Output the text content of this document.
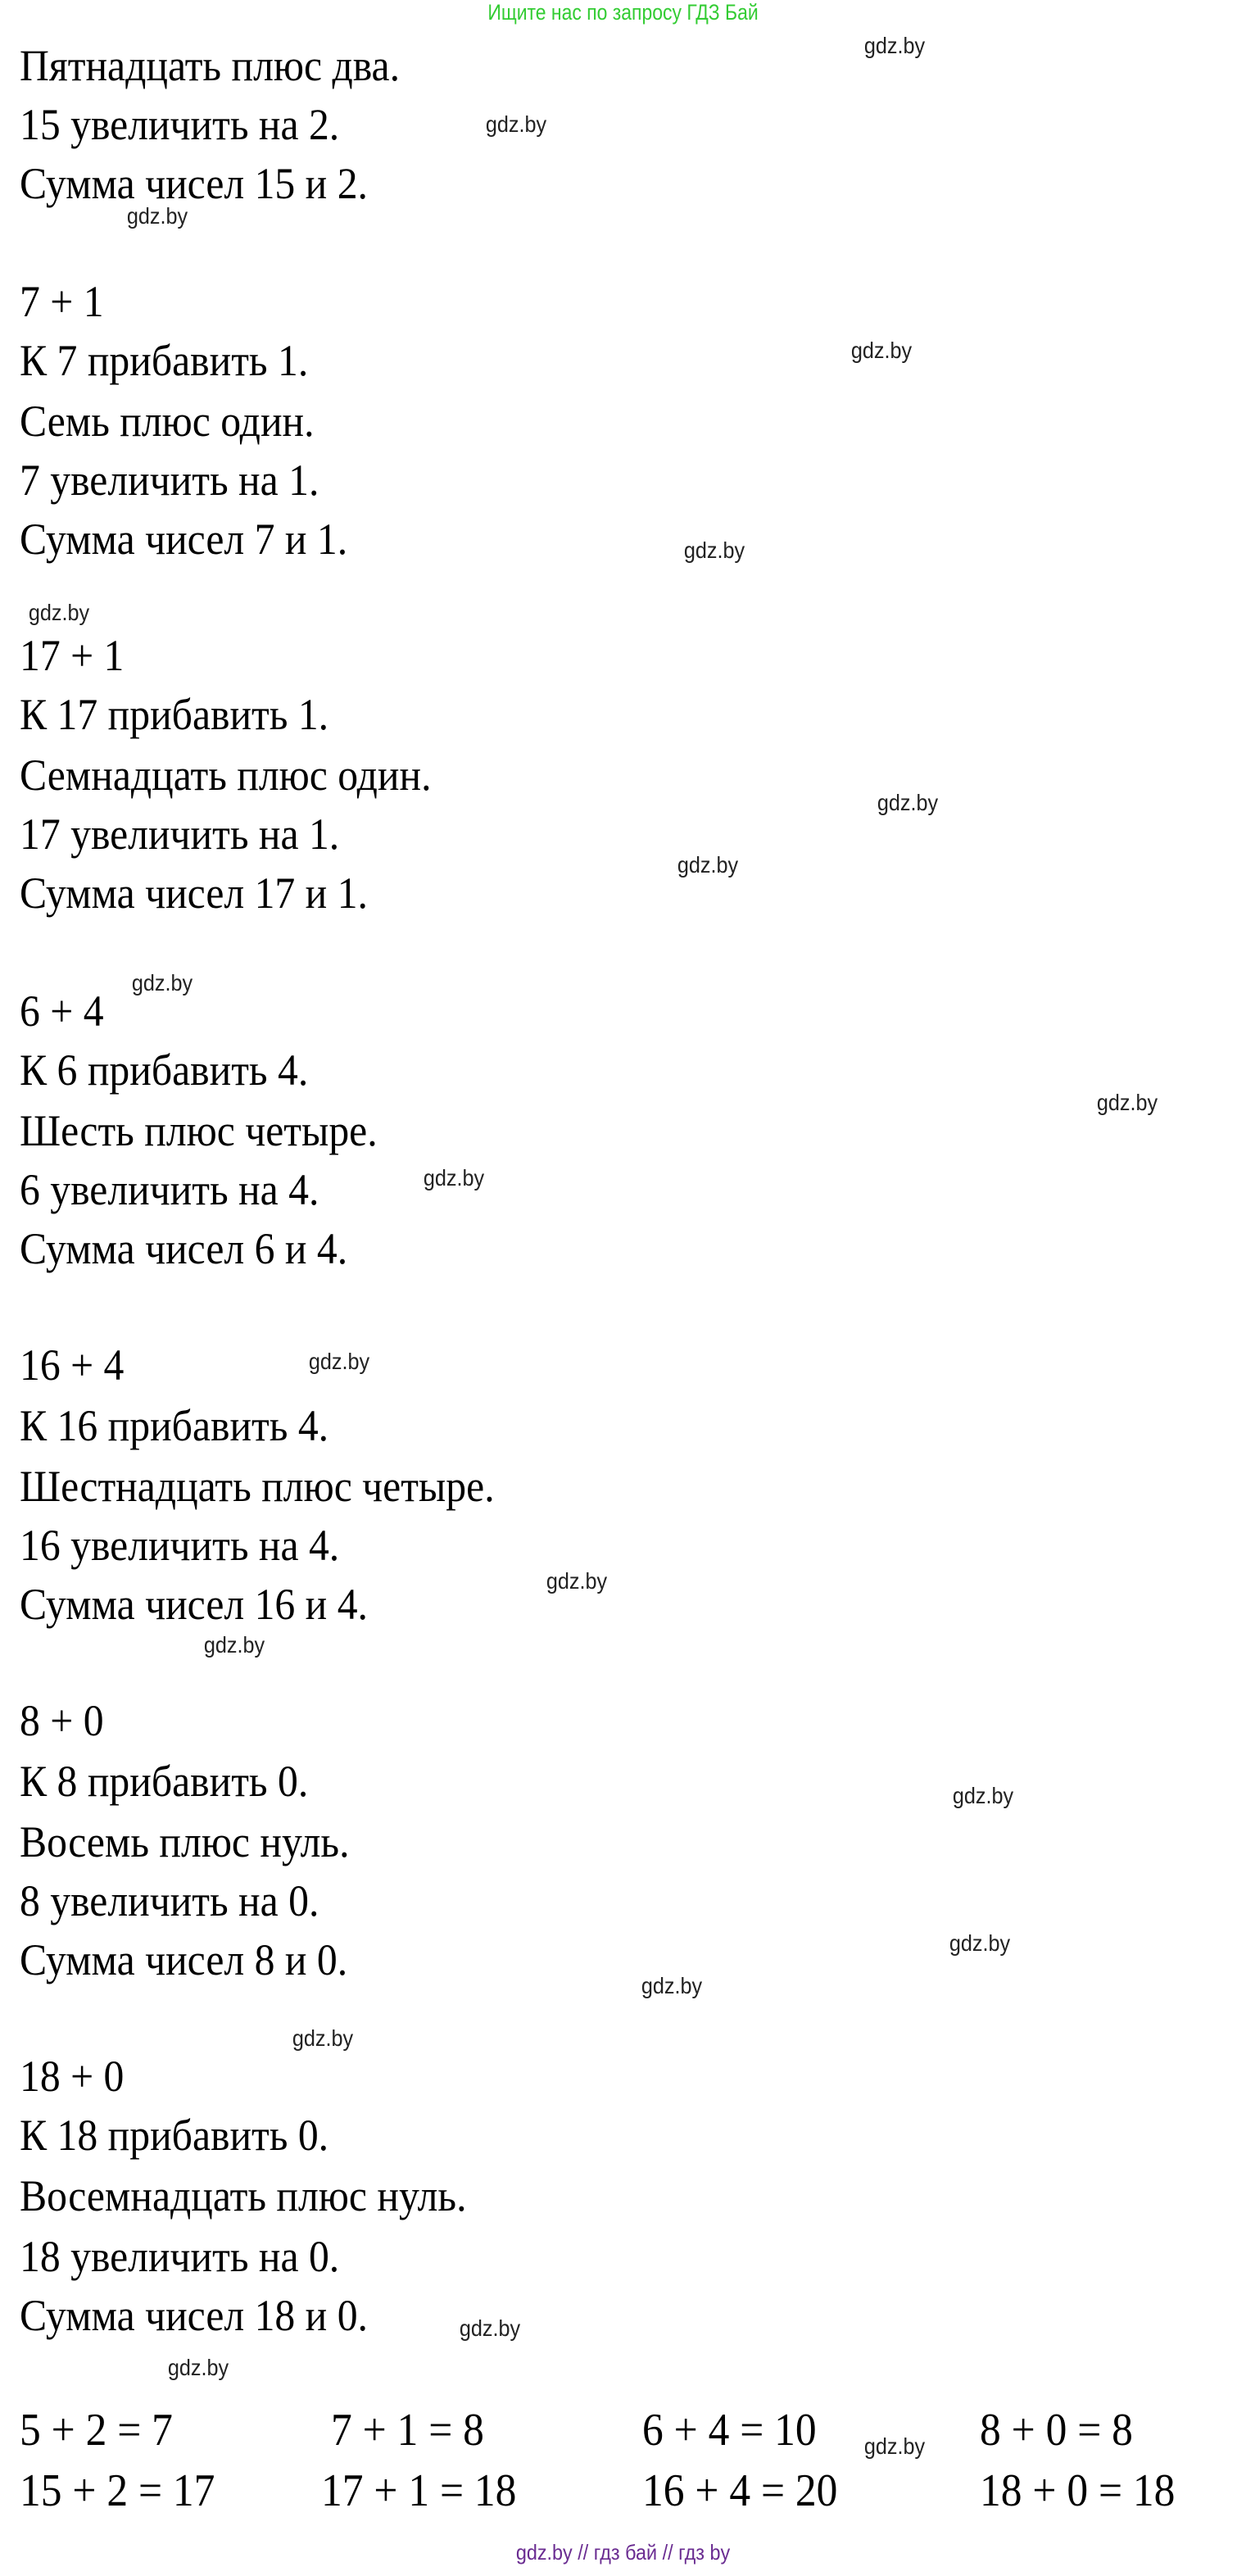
Ищите нас по запросу ГДЗ Бай
Пятнадцать плюс два.
15 увеличить на 2.
Сумма чисел 15 и 2.
7 + 1
К 7 прибавить 1.
Семь плюс один.
7 увеличить на 1.
Сумма чисел 7 и 1.
17 + 1
К 17 прибавить 1.
Семнадцать плюс один.
17 увеличить на 1.
Сумма чисел 17 и 1.
6 + 4
К 6 прибавить 4.
Шесть плюс четыре.
6 увеличить на 4.
Сумма чисел 6 и 4.
16 + 4
К 16 прибавить 4.
Шестнадцать плюс четыре.
16 увеличить на 4.
Сумма чисел 16 и 4.
8 + 0
К 8 прибавить 0.
Восемь плюс нуль.
8 увеличить на 0.
Сумма чисел 8 и 0.
18 + 0
К 18 прибавить 0.
Восемнадцать плюс нуль.
18 увеличить на 0.
Сумма чисел 18 и 0.
gdz.by
gdz.by
gdz.by
gdz.by
gdz.by
gdz.by
gdz.by
gdz.by
gdz.by
gdz.by
gdz.by
gdz.by
gdz.by
gdz.by
gdz.by
gdz.by
gdz.by
gdz.by
gdz.by
gdz.by
gdz.by
5 + 2 = 7	7 + 1 = 8	6 + 4 = 10	8 + 0 = 8
15 + 2 = 17 17 + 1 = 18	16 + 4 = 20	18 + 0 = 18
gdz.by // гдз бай // гдз by
